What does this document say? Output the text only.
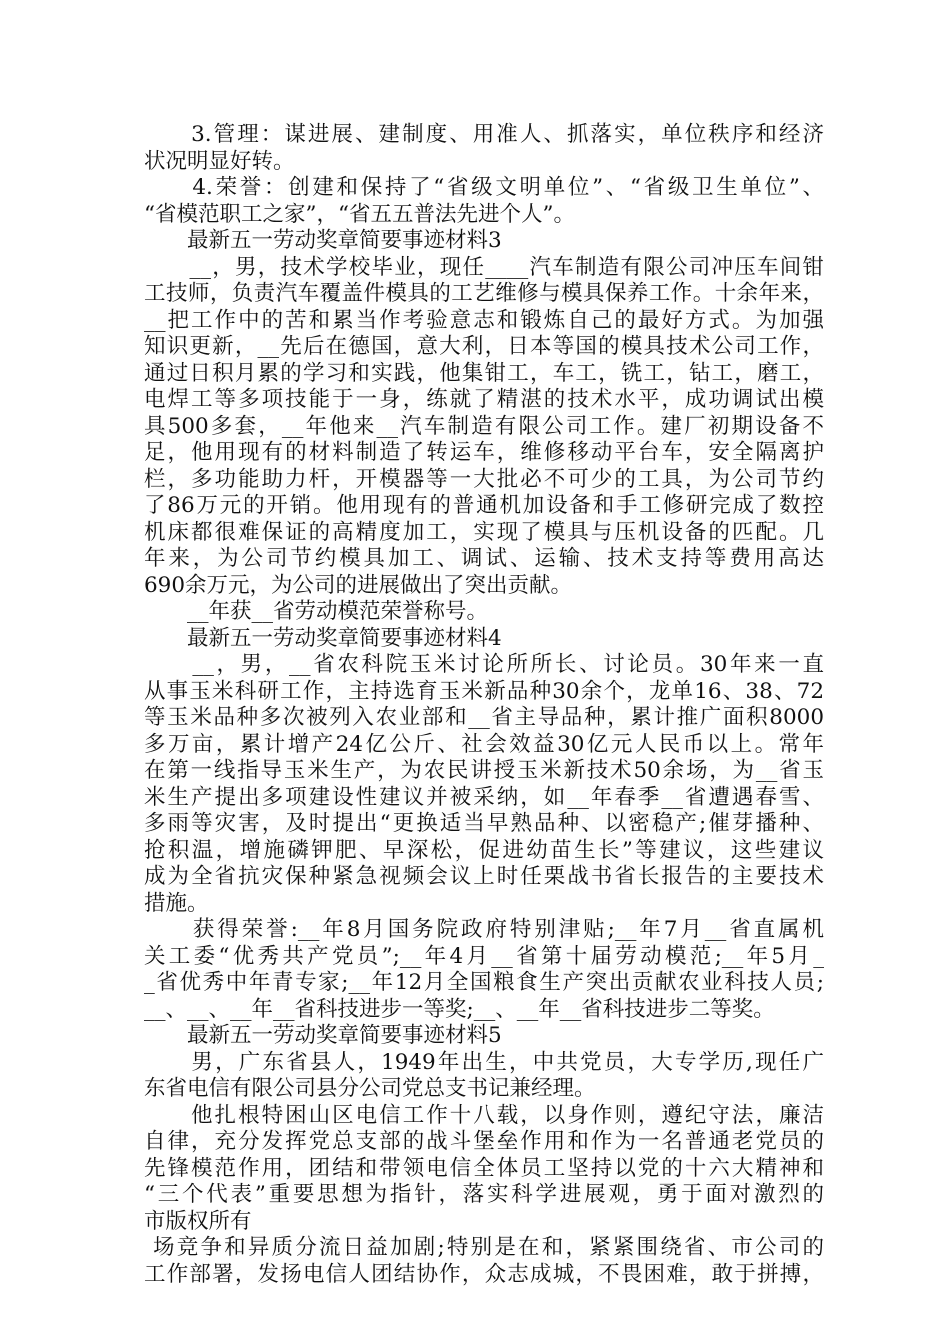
　　3.管理：谋进展、建制度、用准人、抓落实，单位秩序和经济
状况明显好转。
　　4.荣誉：创建和保持了“省级文明单位”、“省级卫生单位”、
“省模范职工之家”，“省五五普法先进个人”。
　　最新五一劳动奖章简要事迹材料3
　　__，男，技术学校毕业，现任____汽车制造有限公司冲压车间钳
工技师，负责汽车覆盖件模具的工艺维修与模具保养工作。十余年来，
__把工作中的苦和累当作考验意志和锻炼自己的最好方式。为加强
知识更新，__先后在德国，意大利，日本等国的模具技术公司工作，
通过日积月累的学习和实践，他集钳工，车工，铣工，钻工，磨工，
电焊工等多项技能于一身，练就了精湛的技术水平，成功调试出模
具500多套，__年他来__汽车制造有限公司工作。建厂初期设备不
足，他用现有的材料制造了转运车，维修移动平台车，安全隔离护
栏，多功能助力杆，开模器等一大批必不可少的工具，为公司节约
了86万元的开销。他用现有的普通机加设备和手工修研完成了数控
机床都很难保证的高精度加工，实现了模具与压机设备的匹配。几
年来，为公司节约模具加工、调试、运输、技术支持等费用高达
690余万元，为公司的进展做出了突出贡献。
　　__年获__省劳动模范荣誉称号。
　　最新五一劳动奖章简要事迹材料4
　　__，男，__省农科院玉米讨论所所长、讨论员。30年来一直
从事玉米科研工作，主持选育玉米新品种30余个，龙单16、38、72
等玉米品种多次被列入农业部和__省主导品种，累计推广面积8000
多万亩，累计增产24亿公斤、社会效益30亿元人民币以上。常年
在第一线指导玉米生产，为农民讲授玉米新技术50余场，为__省玉
米生产提出多项建设性建议并被采纳，如__年春季__省遭遇春雪、
多雨等灾害，及时提出“更换适当早熟品种、以密稳产;催芽播种、
抢积温，增施磷钾肥、早深松，促进幼苗生长”等建议，这些建议
成为全省抗灾保种紧急视频会议上时任栗战书省长报告的主要技术
措施。
　　获得荣誉:__年8月国务院政府特别津贴;__年7月__省直属机
关工委“优秀共产党员”;__年4月__省第十届劳动模范;__年5月_
_省优秀中年青专家;__年12月全国粮食生产突出贡献农业科技人员;
__、__、__年__省科技进步一等奖;__、__年__省科技进步二等奖。
　　最新五一劳动奖章简要事迹材料5
　　男，广东省县人，1949年出生，中共党员，大专学历,现任广
东省电信有限公司县分公司党总支书记兼经理。
　　他扎根特困山区电信工作十八载，以身作则，遵纪守法，廉洁
自律，充分发挥党总支部的战斗堡垒作用和作为一名普通老党员的
先锋模范作用，团结和带领电信全体员工坚持以党的十六大精神和
“三个代表”重要思想为指针，落实科学进展观，勇于面对激烈的
市版权所有
场竞争和异质分流日益加剧;特别是在和，紧紧围绕省、市公司的
工作部署，发扬电信人团结协作，众志成城，不畏困难，敢于拼搏，
